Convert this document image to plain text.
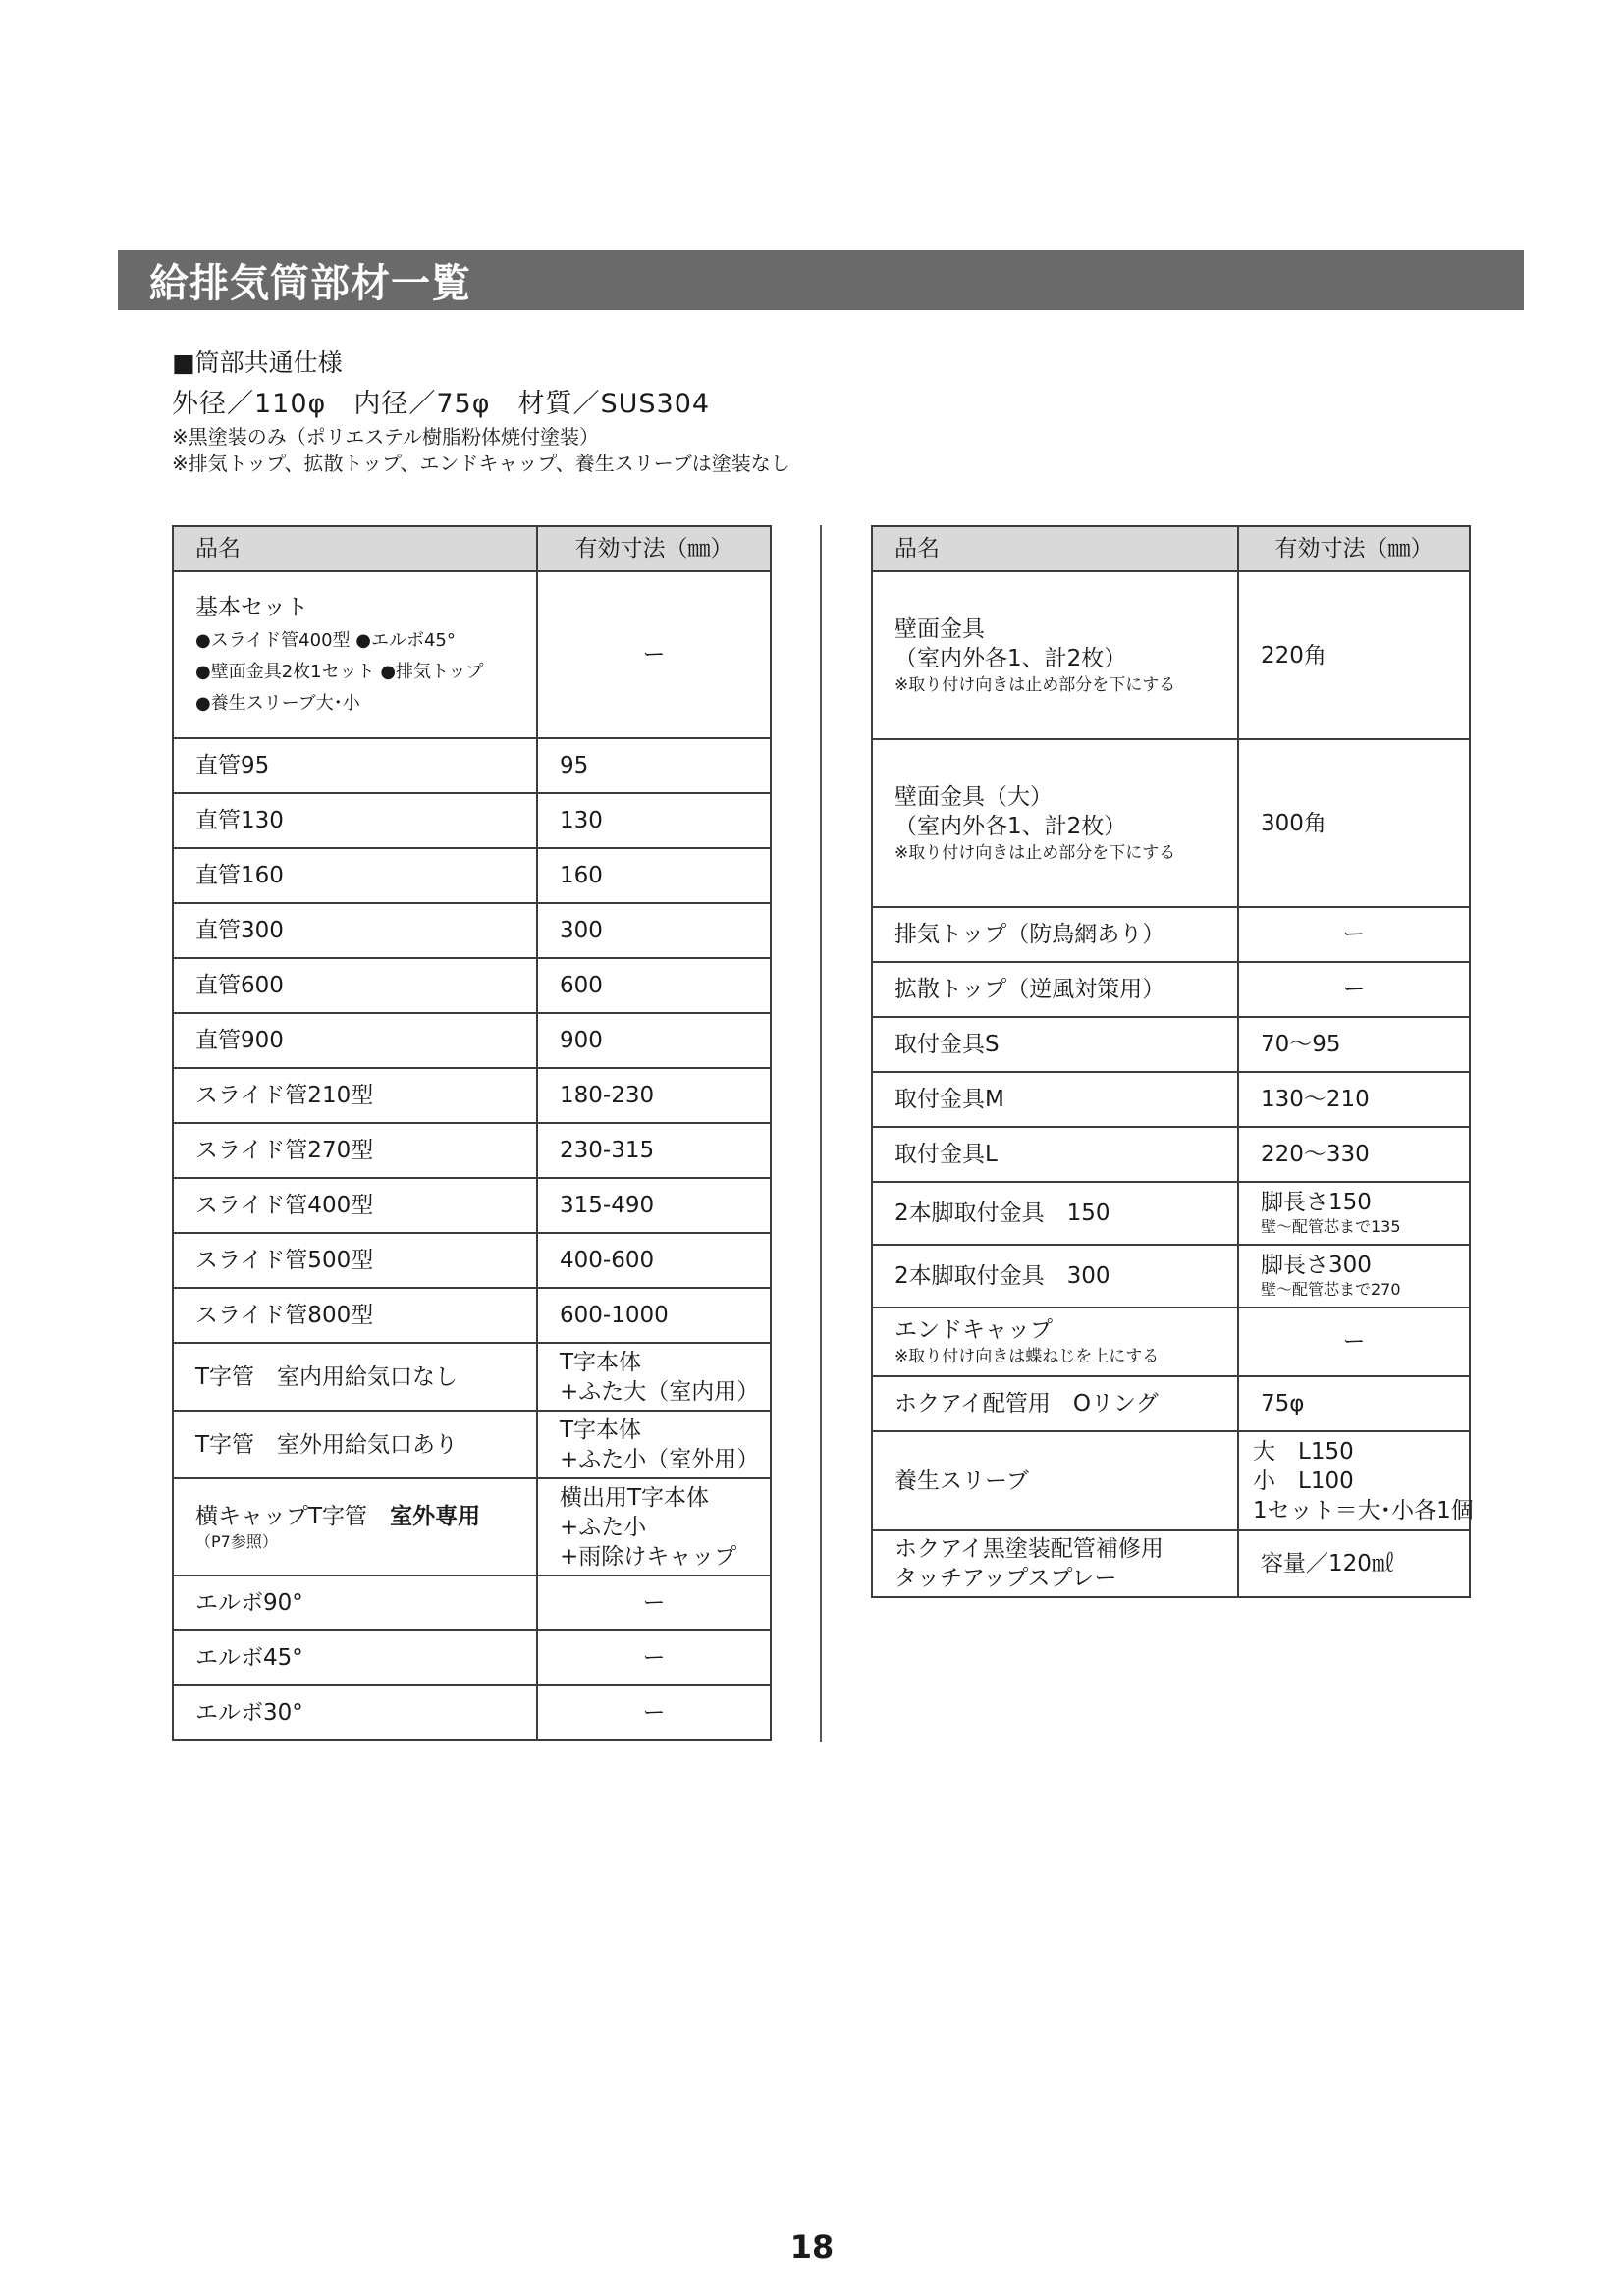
給排気筒部材一覧
■筒部共通仕様
外径／110φ　内径／75φ　材質／SUS304
※黒塗装のみ（ポリエステル樹脂粉体焼付塗装）
※排気トップ、拡散トップ、エンドキャップ、養生スリーブは塗装なし
品名	有効寸法（㎜）

基本セット
●スライド管400型 ●エルボ45°
●壁面金具2枚1セット ●排気トップ
●養生スリーブ大･小	ー
直管95	95
直管130	130
直管160	160
直管300	300
直管600	600
直管900	900
スライド管210型	180-230
スライド管270型	230-315
スライド管400型	315-490
スライド管500型	400-600
スライド管800型	600-1000
T字管　室内用給気口なし	T字本体
+ふた大（室内用）

T字管　室外用給気口あり	T字本体
+ふた小（室外用）

横キャップT字管　室外専用
（P7参照）	横出用T字本体
+ふた小
+雨除けキャップ

エルボ90°	ー
エルボ45°	ー
エルボ30°	ー
品名	有効寸法（㎜）

壁面金具
（室内外各1、計2枚）
※取り付け向きは止め部分を下にする	220角

壁面金具（大）
（室内外各1、計2枚）
※取り付け向きは止め部分を下にする	300角
排気トップ（防鳥網あり）	ー
拡散トップ（逆風対策用）	ー
取付金具S	70～95
取付金具M	130～210
取付金具L	220～330
2本脚取付金具　150	脚長さ150
壁～配管芯まで135

2本脚取付金具　300	脚長さ300
壁～配管芯まで270

エンドキャップ
※取り付け向きは蝶ねじを上にする	ー
ホクアイ配管用　Oリング	75φ
養生スリーブ	大　L150
小　L100
1セット＝大･小各1個

ホクアイ黒塗装配管補修用
タッチアップスプレー	容量／120㎖
18
